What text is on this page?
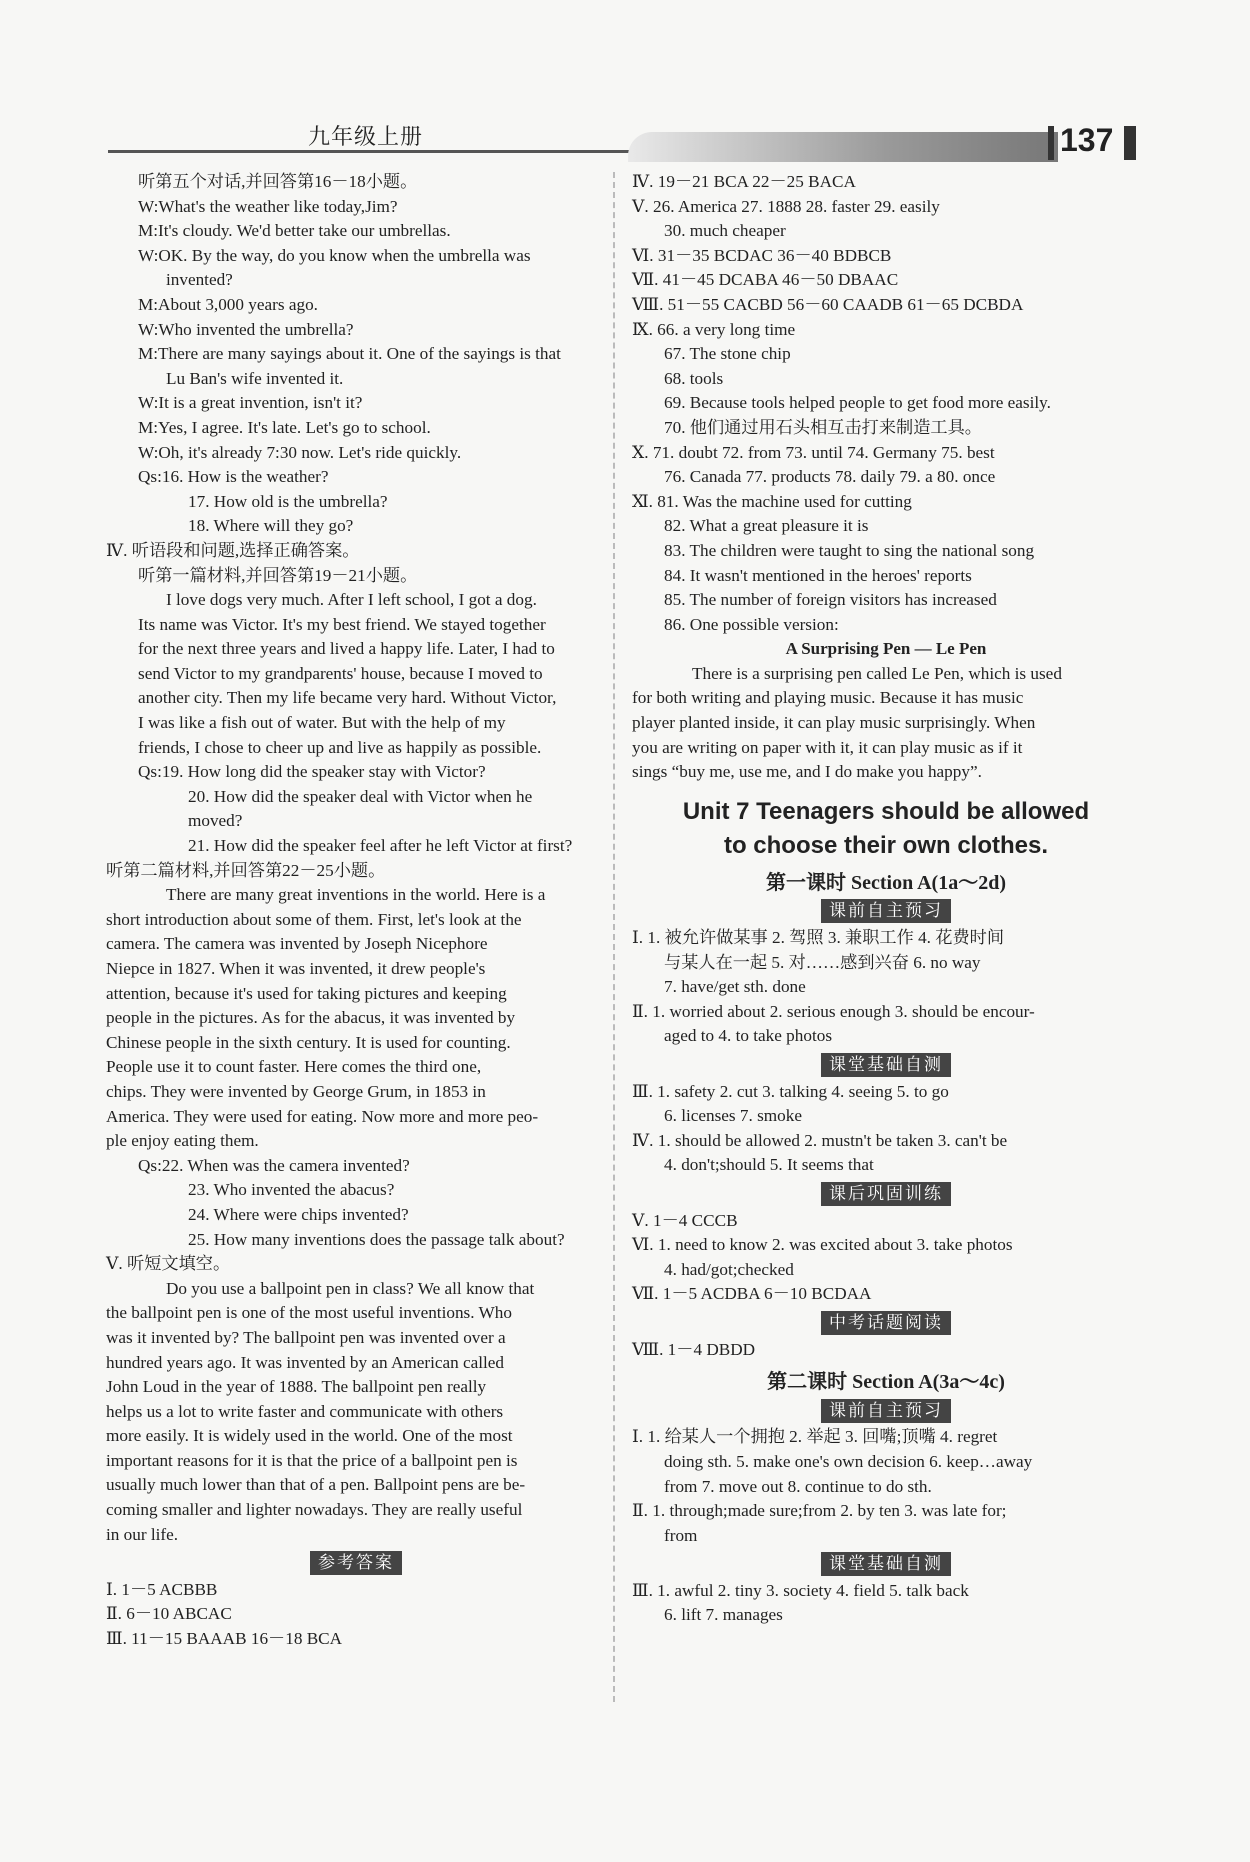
九年级上册	137
听第五个对话,并回答第16－18小题。
W:What's the weather like today,Jim?
M:It's cloudy. We'd better take our umbrellas.
W:OK. By the way, do you know when the umbrella was
invented?
M:About 3,000 years ago.
W:Who invented the umbrella?
M:There are many sayings about it. One of the sayings is that
Lu Ban's wife invented it.
W:It is a great invention, isn't it?
M:Yes, I agree. It's late. Let's go to school.
W:Oh, it's already 7:30 now. Let's ride quickly.
Qs:16. How is the weather?
17. How old is the umbrella?
18. Where will they go?
Ⅳ. 听语段和问题,选择正确答案。
听第一篇材料,并回答第19－21小题。
I love dogs very much. After I left school, I got a dog.
Its name was Victor. It's my best friend. We stayed together
for the next three years and lived a happy life. Later, I had to
send Victor to my grandparents' house, because I moved to
another city. Then my life became very hard. Without Victor,
I was like a fish out of water. But with the help of my
friends, I chose to cheer up and live as happily as possible.
Qs:19. How long did the speaker stay with Victor?
20. How did the speaker deal with Victor when he
moved?
21. How did the speaker feel after he left Victor at first?
听第二篇材料,并回答第22－25小题。
There are many great inventions in the world. Here is a
short introduction about some of them. First, let's look at the
camera. The camera was invented by Joseph Nicephore
Niepce in 1827. When it was invented, it drew people's
attention, because it's used for taking pictures and keeping
people in the pictures. As for the abacus, it was invented by
Chinese people in the sixth century. It is used for counting.
People use it to count faster. Here comes the third one,
chips. They were invented by George Grum, in 1853 in
America. They were used for eating. Now more and more peo-
ple enjoy eating them.
Qs:22. When was the camera invented?
23. Who invented the abacus?
24. Where were chips invented?
25. How many inventions does the passage talk about?
Ⅴ. 听短文填空。
Do you use a ballpoint pen in class? We all know that
the ballpoint pen is one of the most useful inventions. Who
was it invented by? The ballpoint pen was invented over a
hundred years ago. It was invented by an American called
John Loud in the year of 1888. The ballpoint pen really
helps us a lot to write faster and communicate with others
more easily. It is widely used in the world. One of the most
important reasons for it is that the price of a ballpoint pen is
usually much lower than that of a pen. Ballpoint pens are be-
coming smaller and lighter nowadays. They are really useful
in our life.
参考答案
Ⅰ. 1－5 ACBBB
Ⅱ. 6－10 ABCAC
Ⅲ. 11－15 BAAAB 16－18 BCA
Ⅳ. 19－21 BCA 22－25 BACA
Ⅴ. 26. America 27. 1888 28. faster 29. easily
30. much cheaper
Ⅵ. 31－35 BCDAC 36－40 BDBCB
Ⅶ. 41－45 DCABA 46－50 DBAAC
Ⅷ. 51－55 CACBD 56－60 CAADB 61－65 DCBDA
Ⅸ. 66. a very long time
67. The stone chip
68. tools
69. Because tools helped people to get food more easily.
70. 他们通过用石头相互击打来制造工具。
Ⅹ. 71. doubt 72. from 73. until 74. Germany 75. best
76. Canada 77. products 78. daily 79. a 80. once
Ⅺ. 81. Was the machine used for cutting
82. What a great pleasure it is
83. The children were taught to sing the national song
84. It wasn't mentioned in the heroes' reports
85. The number of foreign visitors has increased
86. One possible version:
A Surprising Pen — Le Pen
There is a surprising pen called Le Pen, which is used
for both writing and playing music. Because it has music
player planted inside, it can play music surprisingly. When
you are writing on paper with it, it can play music as if it
sings “buy me, use me, and I do make you happy”.
Unit 7 Teenagers should be allowed
to choose their own clothes.
第一课时 Section A(1a～2d)
课前自主预习
Ⅰ. 1. 被允许做某事 2. 驾照 3. 兼职工作 4. 花费时间
与某人在一起 5. 对……感到兴奋 6. no way
7. have/get sth. done
Ⅱ. 1. worried about 2. serious enough 3. should be encour-
aged to 4. to take photos
课堂基础自测
Ⅲ. 1. safety 2. cut 3. talking 4. seeing 5. to go
6. licenses 7. smoke
Ⅳ. 1. should be allowed 2. mustn't be taken 3. can't be
4. don't;should 5. It seems that
课后巩固训练
Ⅴ. 1－4 CCCB
Ⅵ. 1. need to know 2. was excited about 3. take photos
4. had/got;checked
Ⅶ. 1－5 ACDBA 6－10 BCDAA
中考话题阅读
Ⅷ. 1－4 DBDD
第二课时 Section A(3a～4c)
课前自主预习
Ⅰ. 1. 给某人一个拥抱 2. 举起 3. 回嘴;顶嘴 4. regret
doing sth. 5. make one's own decision 6. keep…away
from 7. move out 8. continue to do sth.
Ⅱ. 1. through;made sure;from 2. by ten 3. was late for;
from
课堂基础自测
Ⅲ. 1. awful 2. tiny 3. society 4. field 5. talk back
6. lift 7. manages
